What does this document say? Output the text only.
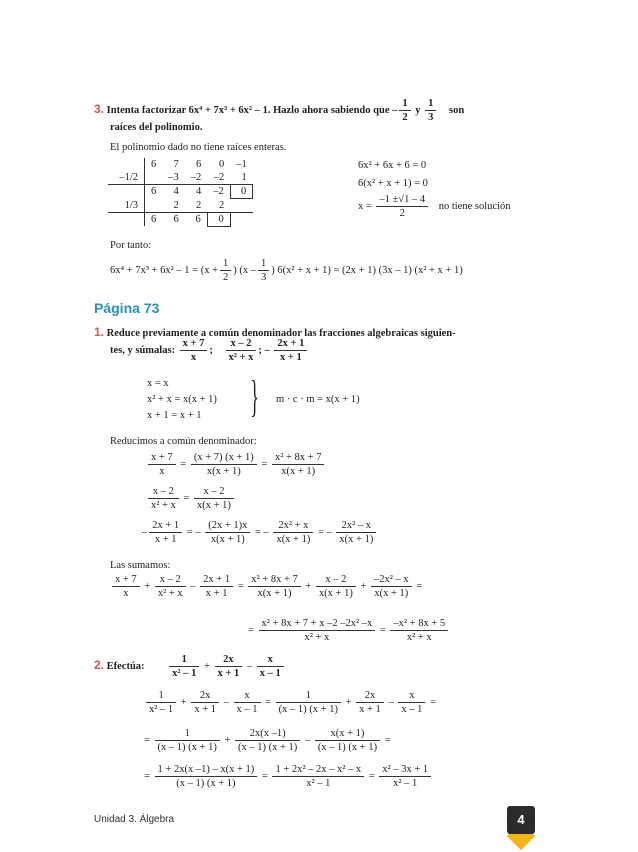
3. Intenta factorizar 6x⁴ + 7x³ + 6x² – 1. Hazlo ahora sabiendo que – $\frac{1}{2}$ y $\frac{1}{3}$ son
raíces del polinomio.
El polinomio dado no tiene raíces enteras.
	6	7	6	0	–1
–1/2		–3	–2	–2	1
	6	4	4	–2	0
1/3		2	2	2	
	6	6	6	0	
6x² + 6x + 6 = 0
6(x² + x + 1) = 0
$x = \frac{-1 \pm√1 - 4}{2}$ no tiene solución
Por tanto:
$6x^4 + 7x^3 + 6x^2 - 1 = (x + \frac{1}{2}$ ) ($x - \frac{1}{3}$ ) 6(x² + x + 1) = (2x + 1) (3x – 1) (x² + x + 1)
Página 73
1. Reduce previamente a común denominador las fracciones algebraicas siguien-
tes, y súmalas: $\frac{x + 7}{x}$ ; $\frac{x - 2}{\text{x² + x}}$ ; – $\frac{2x + 1}{x + 1}$
x = x
x² + x = x(x + 1)
x + 1 = x + 1 } m · c · m = x(x + 1)
Reducimos a común denominador:
$\frac{x + 7}{x} = \frac{(x + 7) (x + 1)}{x(x + 1)} = \frac{\text{x² + 8x + 7}}{x(x + 1)}$
$\frac{x - 2}{\text{x² + x}} = \frac{x - 2}{x(x + 1)}$
– $\frac{2x + 1}{x + 1}$ = – $\frac{(2x + 1)x}{x(x + 1)}$ = – $\frac{\text{2x² + x}}{x(x + 1)}$ = – $\frac{\text{2x² – x}}{x(x + 1)}$
Las sumamos:
$\frac{x + 7}{x} + \frac{x - 2}{\text{x² + x}} - \frac{2x + 1}{x + 1} = \frac{\text{x² + 8x + 7}}{x(x + 1)} + \frac{x - 2}{x(x + 1)} + \frac{\text{–2x² – x}}{x(x + 1)}$ =
= $\frac{\text{x² + 8x + 7 + x –2 –2x² –x}}{\text{x² + x}} = \frac{\text{–x² + 8x + 5}}{\text{x² + x}}$
2. Efectúa: $\frac{1}{\text{x² – 1}} + \frac{2x}{x + 1} - \frac{x}{x - 1}$
$\frac{1}{\text{x² – 1}} + \frac{2x}{x + 1} - \frac{x}{x - 1} = \frac{1}{(x - 1) (x + 1)} + \frac{2x}{x + 1} - \frac{x}{x - 1}$ =
= $\frac{1}{(x - 1) (x + 1)} + \frac{2x(x -1)}{(x - 1) (x + 1)} - \frac{x(x + 1)}{(x - 1) (x + 1)}$ =
= $\frac{1 + 2x(x -1) - x(x + 1)}{(x - 1) (x + 1)} = \frac{\text{1 + 2x² – 2x – x² – x}}{\text{x² – 1}} = \frac{\text{x² – 3x + 1}}{\text{x² – 1}}$
Unidad 3. Álgebra	4
